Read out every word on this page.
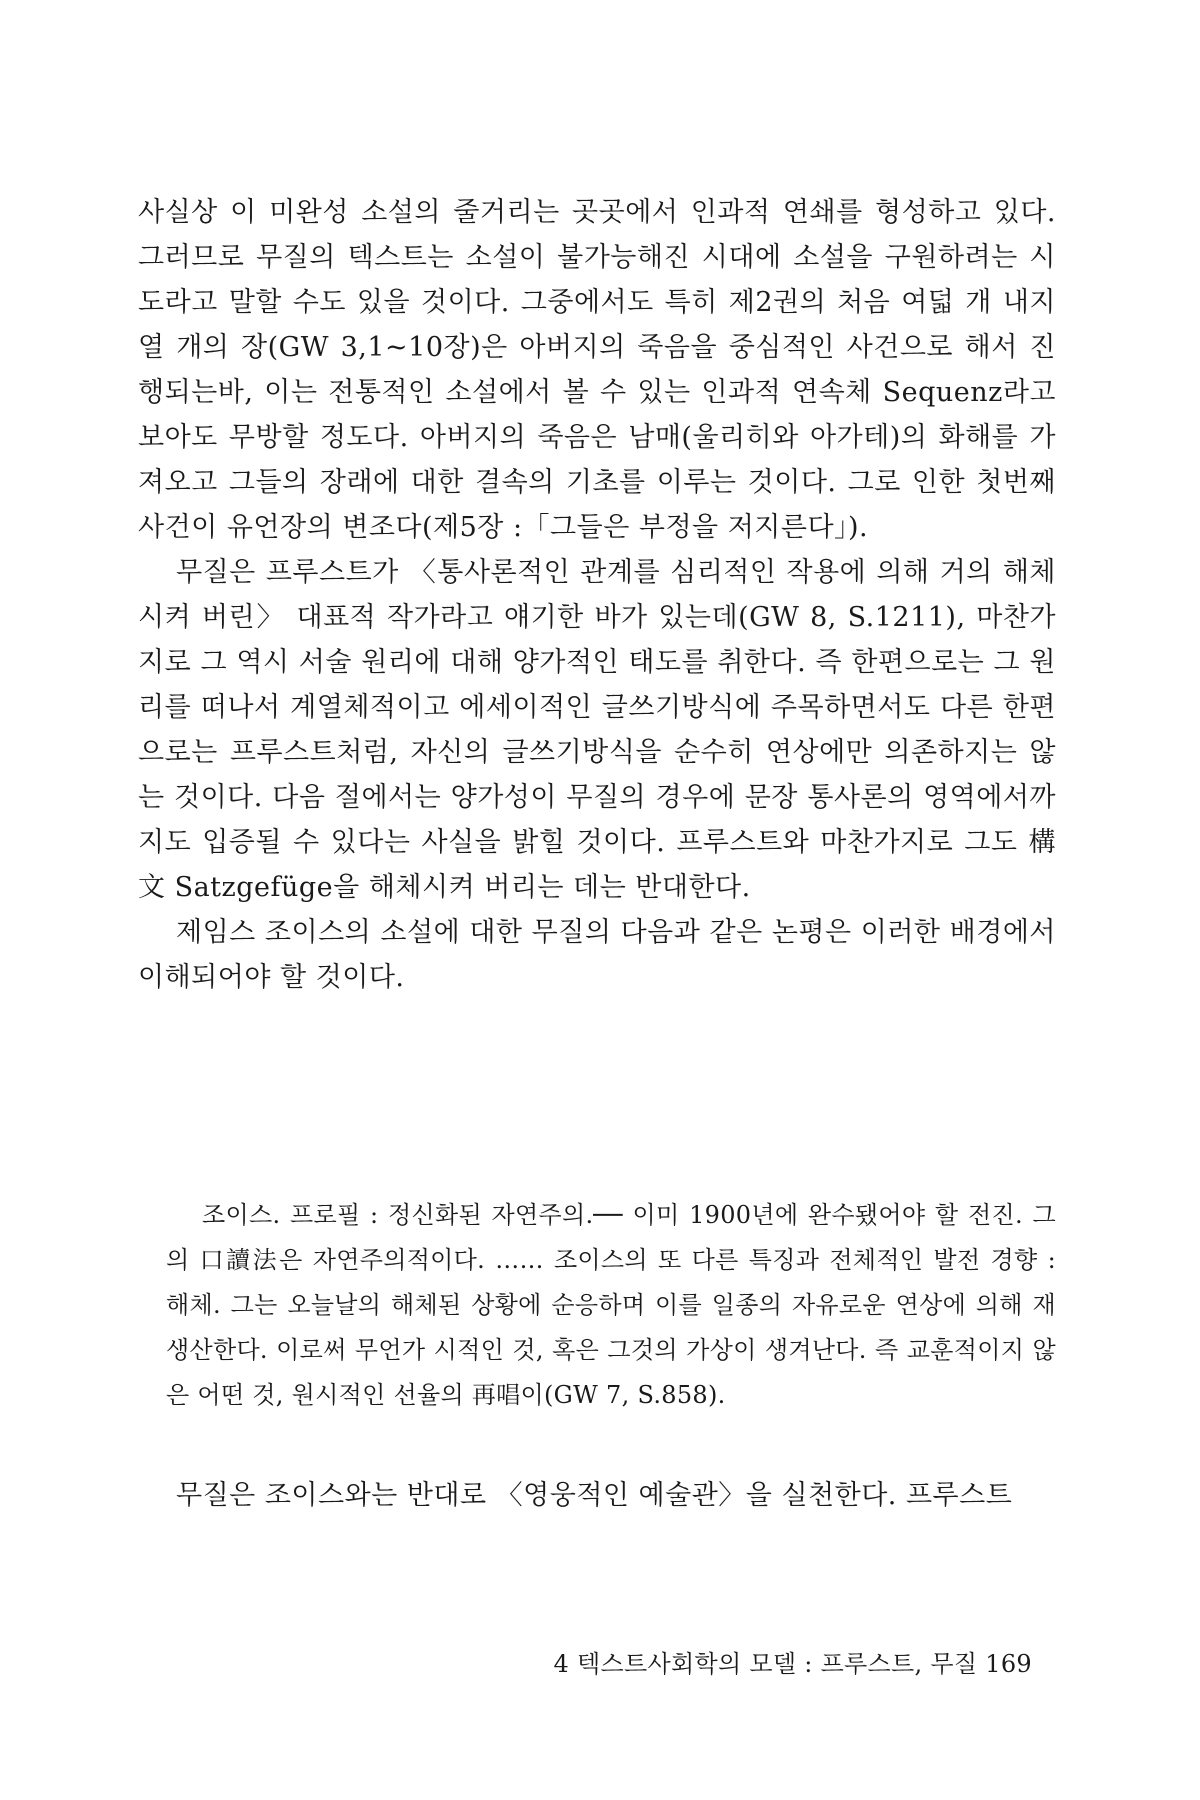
사실상 이 미완성 소설의 줄거리는 곳곳에서 인과적 연쇄를 형성하고 있다. 그러므로 무질의 텍스트는 소설이 불가능해진 시대에 소설을 구원하려는 시도라고 말할 수도 있을 것이다. 그중에서도 특히 제2권의 처음 여덟 개 내지 열 개의 장(GW 3,1~10장)은 아버지의 죽음을 중심적인 사건으로 해서 진행되는바, 이는 전통적인 소설에서 볼 수 있는 인과적 연속체 Sequenz라고 보아도 무방할 정도다. 아버지의 죽음은 남매(울리히와 아가테)의 화해를 가져오고 그들의 장래에 대한 결속의 기초를 이루는 것이다. 그로 인한 첫번째 사건이 유언장의 변조다(제5장 :「그들은 부정을 저지른다」).

무질은 프루스트가 〈통사론적인 관계를 심리적인 작용에 의해 거의 해체시켜 버린〉 대표적 작가라고 얘기한 바가 있는데(GW 8, S.1211), 마찬가지로 그 역시 서술 원리에 대해 양가적인 태도를 취한다. 즉 한편으로는 그 원리를 떠나서 계열체적이고 에세이적인 글쓰기방식에 주목하면서도 다른 한편으로는 프루스트처럼, 자신의 글쓰기방식을 순수히 연상에만 의존하지는 않는 것이다. 다음 절에서는 양가성이 무질의 경우에 문장 통사론의 영역에서까지도 입증될 수 있다는 사실을 밝힐 것이다. 프루스트와 마찬가지로 그도 構文 Satzgefüge을 해체시켜 버리는 데는 반대한다.

제임스 조이스의 소설에 대한 무질의 다음과 같은 논평은 이러한 배경에서 이해되어야 할 것이다.

조이스. 프로필 : 정신화된 자연주의.── 이미 1900년에 완수됐어야 할 전진. 그의 口讀法은 자연주의적이다. …… 조이스의 또 다른 특징과 전체적인 발전 경향 : 해체. 그는 오늘날의 해체된 상황에 순응하며 이를 일종의 자유로운 연상에 의해 재생산한다. 이로써 무언가 시적인 것, 혹은 그것의 가상이 생겨난다. 즉 교훈적이지 않은 어떤 것, 원시적인 선율의 再唱이(GW 7, S.858).

무질은 조이스와는 반대로 〈영웅적인 예술관〉을 실천한다. 프루스트

4 텍스트사회학의 모델 : 프루스트, 무질 169
